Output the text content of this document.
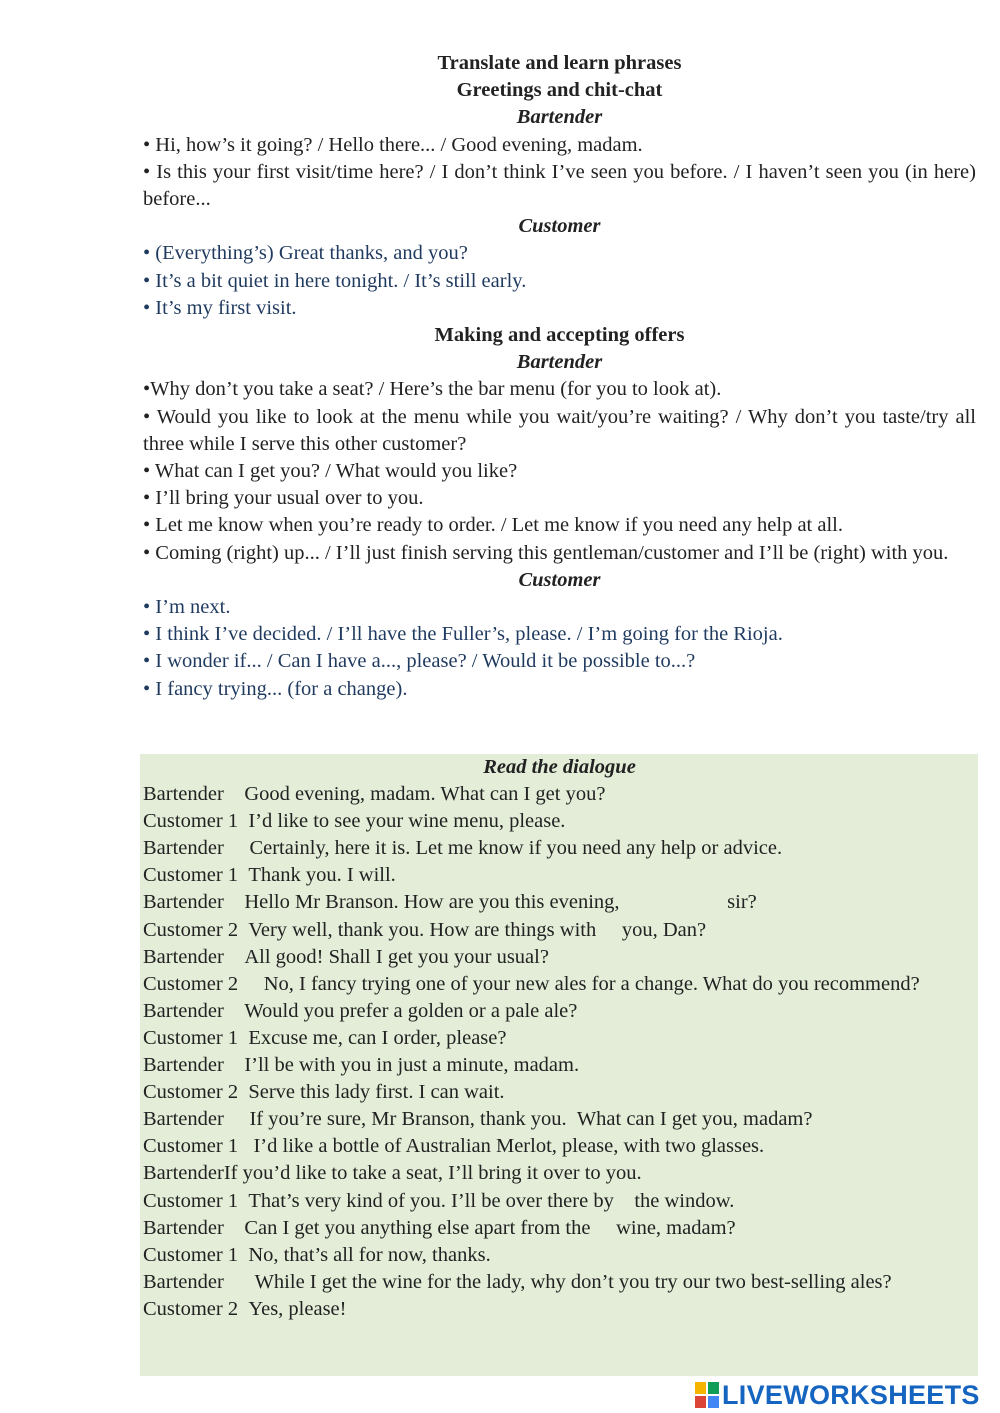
Translate and learn phrases
Greetings and chit-chat
Bartender
• Hi, how’s it going? / Hello there... / Good evening, madam.
• Is this your first visit/time here? / I don’t think I’ve seen you before. / I haven’t seen you (in here) before...
Customer
• (Everything’s) Great thanks, and you?
• It’s a bit quiet in here tonight. / It’s still early.
• It’s my first visit.
Making and accepting offers
Bartender
•Why don’t you take a seat? / Here’s the bar menu (for you to look at).
• Would you like to look at the menu while you wait/you’re waiting? / Why don’t you taste/try all three while I serve this other customer?
• What can I get you? / What would you like?
• I’ll bring your usual over to you.
• Let me know when you’re ready to order. / Let me know if you need any help at all.
• Coming (right) up... / I’ll just finish serving this gentleman/customer and I’ll be (right) with you.
Customer
• I’m next.
• I think I’ve decided. / I’ll have the Fuller’s, please. / I’m going for the Rioja.
• I wonder if... / Can I have a..., please? / Would it be possible to...?
• I fancy trying... (for a change).
Read the dialogue
Bartender Good evening, madam. What can I get you?
Customer 1 I’d like to see your wine menu, please.
Bartender Certainly, here it is. Let me know if you need any help or advice.
Customer 1 Thank you. I will.
Bartender Hello Mr Branson. How are you this evening,                     sir?
Customer 2 Very well, thank you. How are things with     you, Dan?
Bartender All good! Shall I get you your usual?
Customer 2 No, I fancy trying one of your new ales for a change. What do you recommend?
Bartender Would you prefer a golden or a pale ale?
Customer 1 Excuse me, can I order, please?
Bartender I’ll be with you in just a minute, madam.
Customer 2 Serve this lady first. I can wait.
Bartender If you’re sure, Mr Branson, thank you.  What can I get you, madam?
Customer 1 I’d like a bottle of Australian Merlot, please, with two glasses.
BartenderIf you’d like to take a seat, I’ll bring it over to you.
Customer 1 That’s very kind of you. I’ll be over there by    the window.
Bartender Can I get you anything else apart from the     wine, madam?
Customer 1 No, that’s all for now, thanks.
Bartender While I get the wine for the lady, why don’t you try our two best-selling ales?
Customer 2 Yes, please!
LIVEWORKSHEETS
